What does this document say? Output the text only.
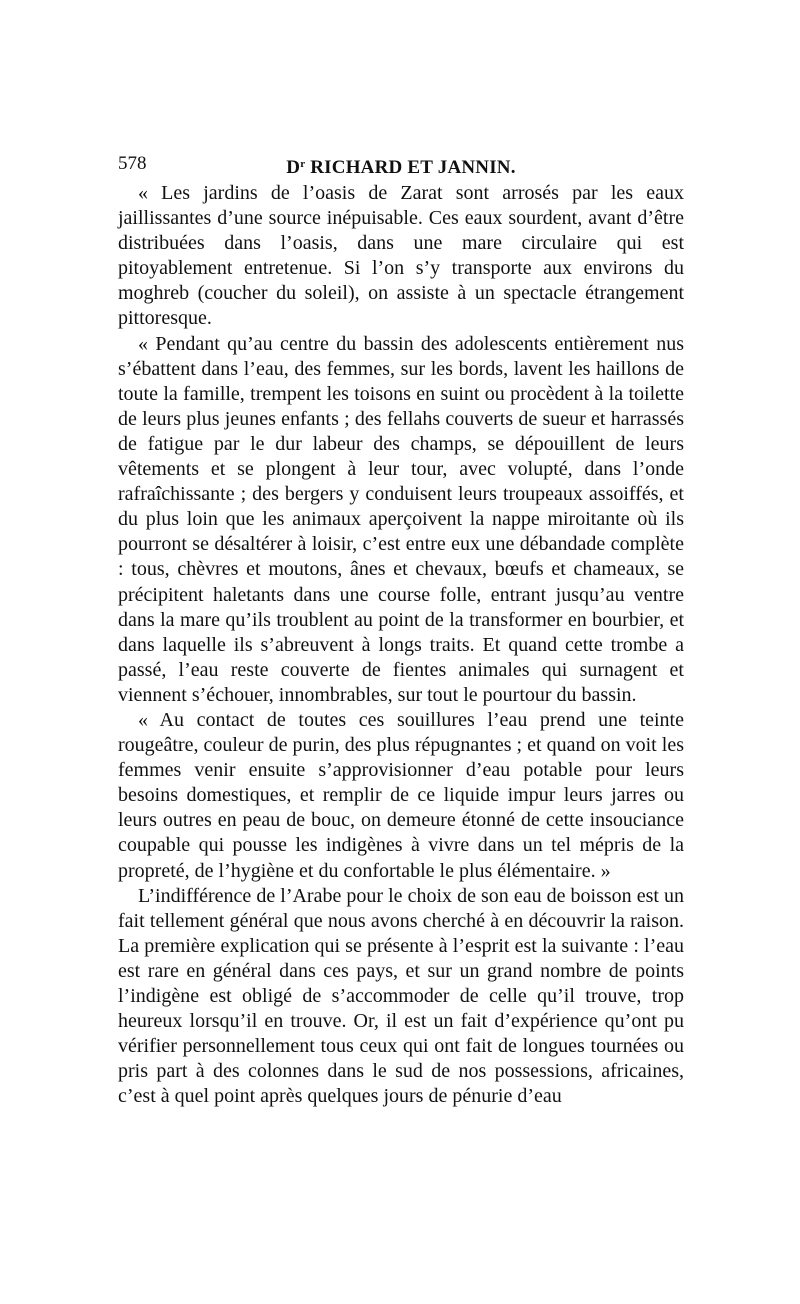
578	$D^r$ RICHARD ET JANNIN.

« Les jardins de l’oasis de Zarat sont arrosés par les eaux jaillissantes d’une source inépuisable. Ces eaux sourdent, avant d’être distribuées dans l’oasis, dans une mare circulaire qui est pitoyablement entretenue. Si l’on s’y transporte aux environs du moghreb (coucher du soleil), on assiste à un spectacle étrangement pittoresque.

« Pendant qu’au centre du bassin des adolescents entièrement nus s’ébattent dans l’eau, des femmes, sur les bords, lavent les haillons de toute la famille, trempent les toisons en suint ou procèdent à la toilette de leurs plus jeunes enfants ; des fellahs couverts de sueur et harrassés de fatigue par le dur labeur des champs, se dépouillent de leurs vêtements et se plongent à leur tour, avec volupté, dans l’onde rafraîchissante ; des bergers y conduisent leurs troupeaux assoiffés, et du plus loin que les animaux aperçoivent la nappe miroitante où ils pourront se désaltérer à loisir, c’est entre eux une débandade complète : tous, chèvres et moutons, ânes et chevaux, bœufs et chameaux, se précipitent haletants dans une course folle, entrant jusqu’au ventre dans la mare qu’ils troublent au point de la transformer en bourbier, et dans laquelle ils s’abreuvent à longs traits. Et quand cette trombe a passé, l’eau reste couverte de fientes animales qui surnagent et viennent s’échouer, innombrables, sur tout le pourtour du bassin.

« Au contact de toutes ces souillures l’eau prend une teinte rougeâtre, couleur de purin, des plus répugnantes ; et quand on voit les femmes venir ensuite s’approvisionner d’eau potable pour leurs besoins domestiques, et remplir de ce liquide impur leurs jarres ou leurs outres en peau de bouc, on demeure étonné de cette insouciance coupable qui pousse les indigènes à vivre dans un tel mépris de la propreté, de l’hygiène et du confortable le plus élémentaire. »

L’indifférence de l’Arabe pour le choix de son eau de boisson est un fait tellement général que nous avons cherché à en découvrir la raison. La première explication qui se présente à l’esprit est la suivante : l’eau est rare en général dans ces pays, et sur un grand nombre de points l’indigène est obligé de s’accommoder de celle qu’il trouve, trop heureux lorsqu’il en trouve. Or, il est un fait d’expérience qu’ont pu vérifier personnellement tous ceux qui ont fait de longues tournées ou pris part à des colonnes dans le sud de nos possessions, africaines, c’est à quel point après quelques jours de pénurie d’eau
